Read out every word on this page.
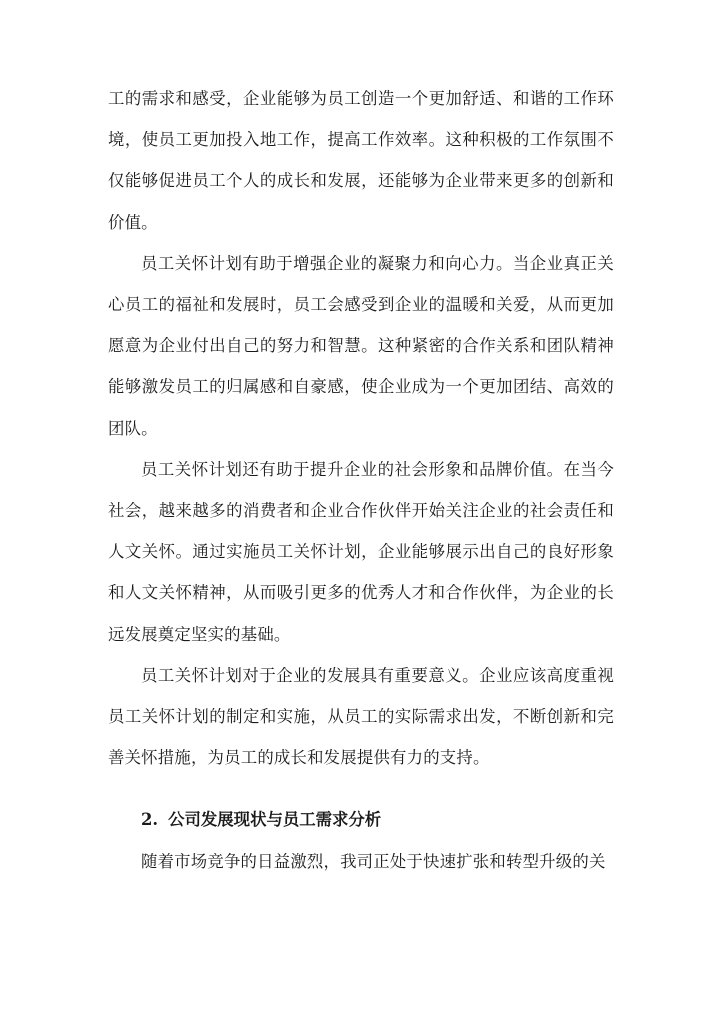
工的需求和感受，企业能够为员工创造一个更加舒适、和谐的工作环境，使员工更加投入地工作，提高工作效率。这种积极的工作氛围不仅能够促进员工个人的成长和发展，还能够为企业带来更多的创新和价值。

员工关怀计划有助于增强企业的凝聚力和向心力。当企业真正关心员工的福祉和发展时，员工会感受到企业的温暖和关爱，从而更加愿意为企业付出自己的努力和智慧。这种紧密的合作关系和团队精神能够激发员工的归属感和自豪感，使企业成为一个更加团结、高效的团队。

员工关怀计划还有助于提升企业的社会形象和品牌价值。在当今社会，越来越多的消费者和企业合作伙伴开始关注企业的社会责任和人文关怀。通过实施员工关怀计划，企业能够展示出自己的良好形象和人文关怀精神，从而吸引更多的优秀人才和合作伙伴，为企业的长远发展奠定坚实的基础。

员工关怀计划对于企业的发展具有重要意义。企业应该高度重视员工关怀计划的制定和实施，从员工的实际需求出发，不断创新和完善关怀措施，为员工的成长和发展提供有力的支持。

2. 公司发展现状与员工需求分析

随着市场竞争的日益激烈，我司正处于快速扩张和转型升级的关
